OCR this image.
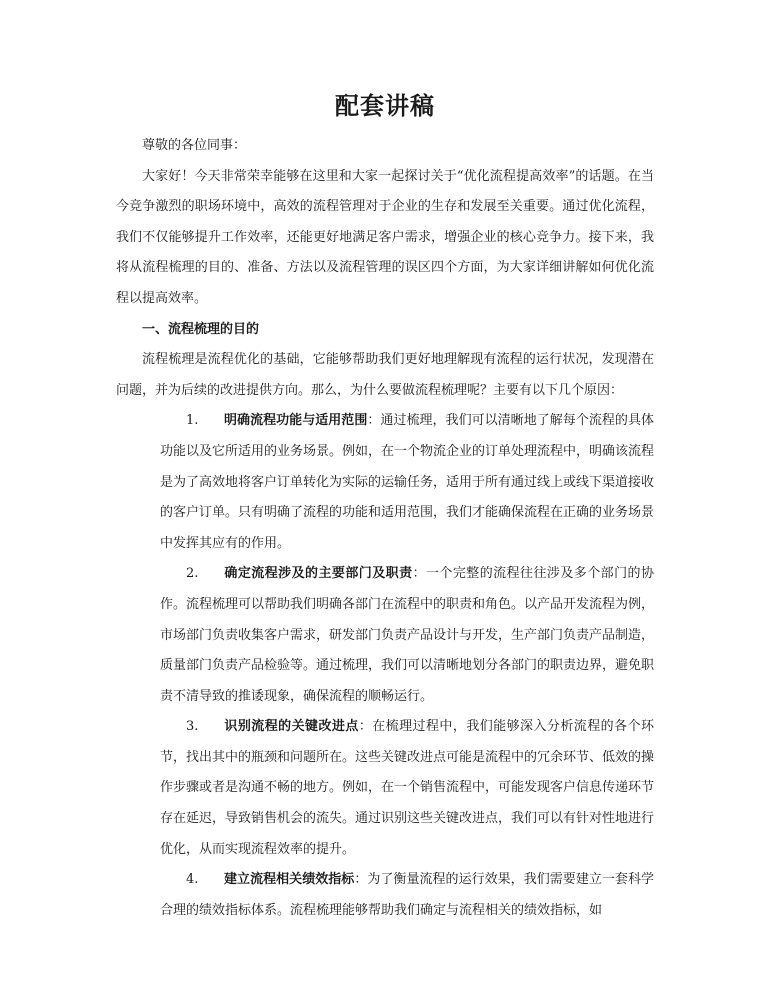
配套讲稿

尊敬的各位同事：

大家好！今天非常荣幸能够在这里和大家一起探讨关于“优化流程提高效率”的话题。在当今竞争激烈的职场环境中，高效的流程管理对于企业的生存和发展至关重要。通过优化流程，我们不仅能够提升工作效率，还能更好地满足客户需求，增强企业的核心竞争力。接下来，我将从流程梳理的目的、准备、方法以及流程管理的误区四个方面，为大家详细讲解如何优化流程以提高效率。

一、流程梳理的目的

流程梳理是流程优化的基础，它能够帮助我们更好地理解现有流程的运行状况，发现潜在问题，并为后续的改进提供方向。那么，为什么要做流程梳理呢？主要有以下几个原因：

1. 明确流程功能与适用范围：通过梳理，我们可以清晰地了解每个流程的具体功能以及它所适用的业务场景。例如，在一个物流企业的订单处理流程中，明确该流程是为了高效地将客户订单转化为实际的运输任务，适用于所有通过线上或线下渠道接收的客户订单。只有明确了流程的功能和适用范围，我们才能确保流程在正确的业务场景中发挥其应有的作用。

2. 确定流程涉及的主要部门及职责：一个完整的流程往往涉及多个部门的协作。流程梳理可以帮助我们明确各部门在流程中的职责和角色。以产品开发流程为例，市场部门负责收集客户需求，研发部门负责产品设计与开发，生产部门负责产品制造，质量部门负责产品检验等。通过梳理，我们可以清晰地划分各部门的职责边界，避免职责不清导致的推诿现象，确保流程的顺畅运行。

3. 识别流程的关键改进点：在梳理过程中，我们能够深入分析流程的各个环节，找出其中的瓶颈和问题所在。这些关键改进点可能是流程中的冗余环节、低效的操作步骤或者是沟通不畅的地方。例如，在一个销售流程中，可能发现客户信息传递环节存在延迟，导致销售机会的流失。通过识别这些关键改进点，我们可以有针对性地进行优化，从而实现流程效率的提升。

4. 建立流程相关绩效指标：为了衡量流程的运行效果，我们需要建立一套科学合理的绩效指标体系。流程梳理能够帮助我们确定与流程相关的绩效指标，如
